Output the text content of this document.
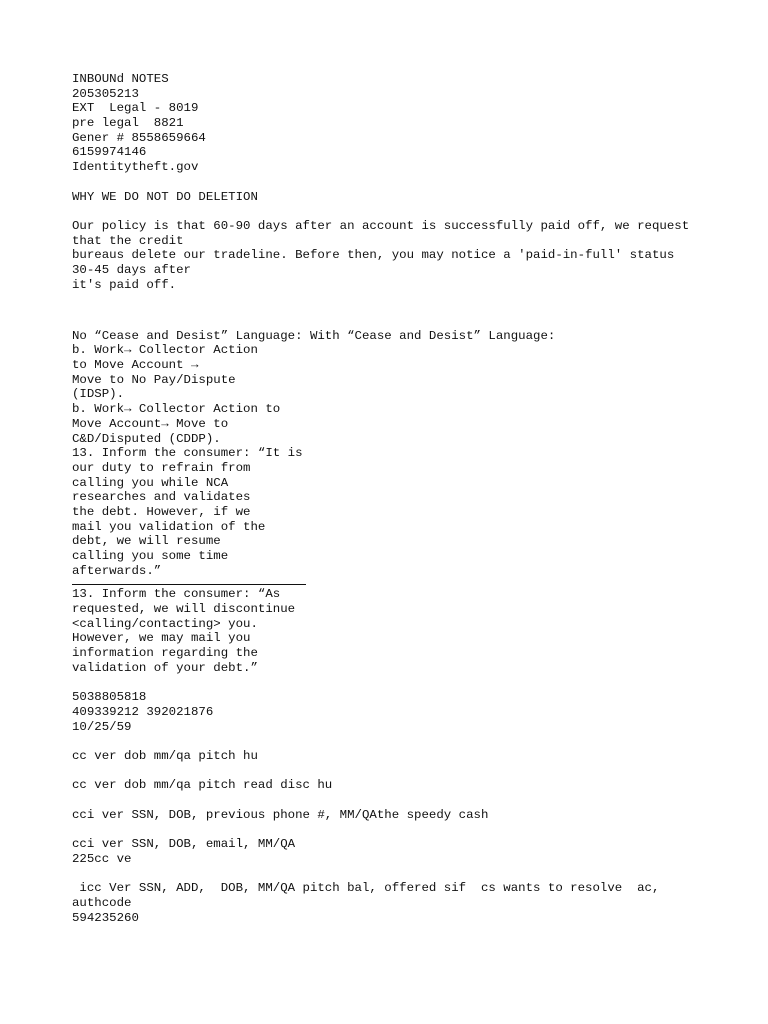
INBOUNd NOTES
205305213
EXT  Legal - 8019
pre legal  8821
Gener # 8558659664
6159974146
Identitytheft.gov
WHY WE DO NOT DO DELETION
Our policy is that 60-90 days after an account is successfully paid off, we request
that the credit
bureaus delete our tradeline. Before then, you may notice a 'paid-in-full' status
30-45 days after
it's paid off.
No “Cease and Desist” Language: With “Cease and Desist” Language:
b. Work→ Collector Action
to Move Account →
Move to No Pay/Dispute
(IDSP).
b. Work→ Collector Action to
Move Account→ Move to
C&D/Disputed (CDDP).
13. Inform the consumer: “It is
our duty to refrain from
calling you while NCA
researches and validates
the debt. However, if we
mail you validation of the
debt, we will resume
calling you some time
afterwards.”
13. Inform the consumer: “As
requested, we will discontinue
<calling/contacting> you.
However, we may mail you
information regarding the
validation of your debt.”
5038805818
409339212 392021876
10/25/59
cc ver dob mm/qa pitch hu
cc ver dob mm/qa pitch read disc hu
cci ver SSN, DOB, previous phone #, MM/QAthe speedy cash
cci ver SSN, DOB, email, MM/QA
225cc ve
icc Ver SSN, ADD,  DOB, MM/QA pitch bal, offered sif  cs wants to resolve  ac,
authcode
594235260
